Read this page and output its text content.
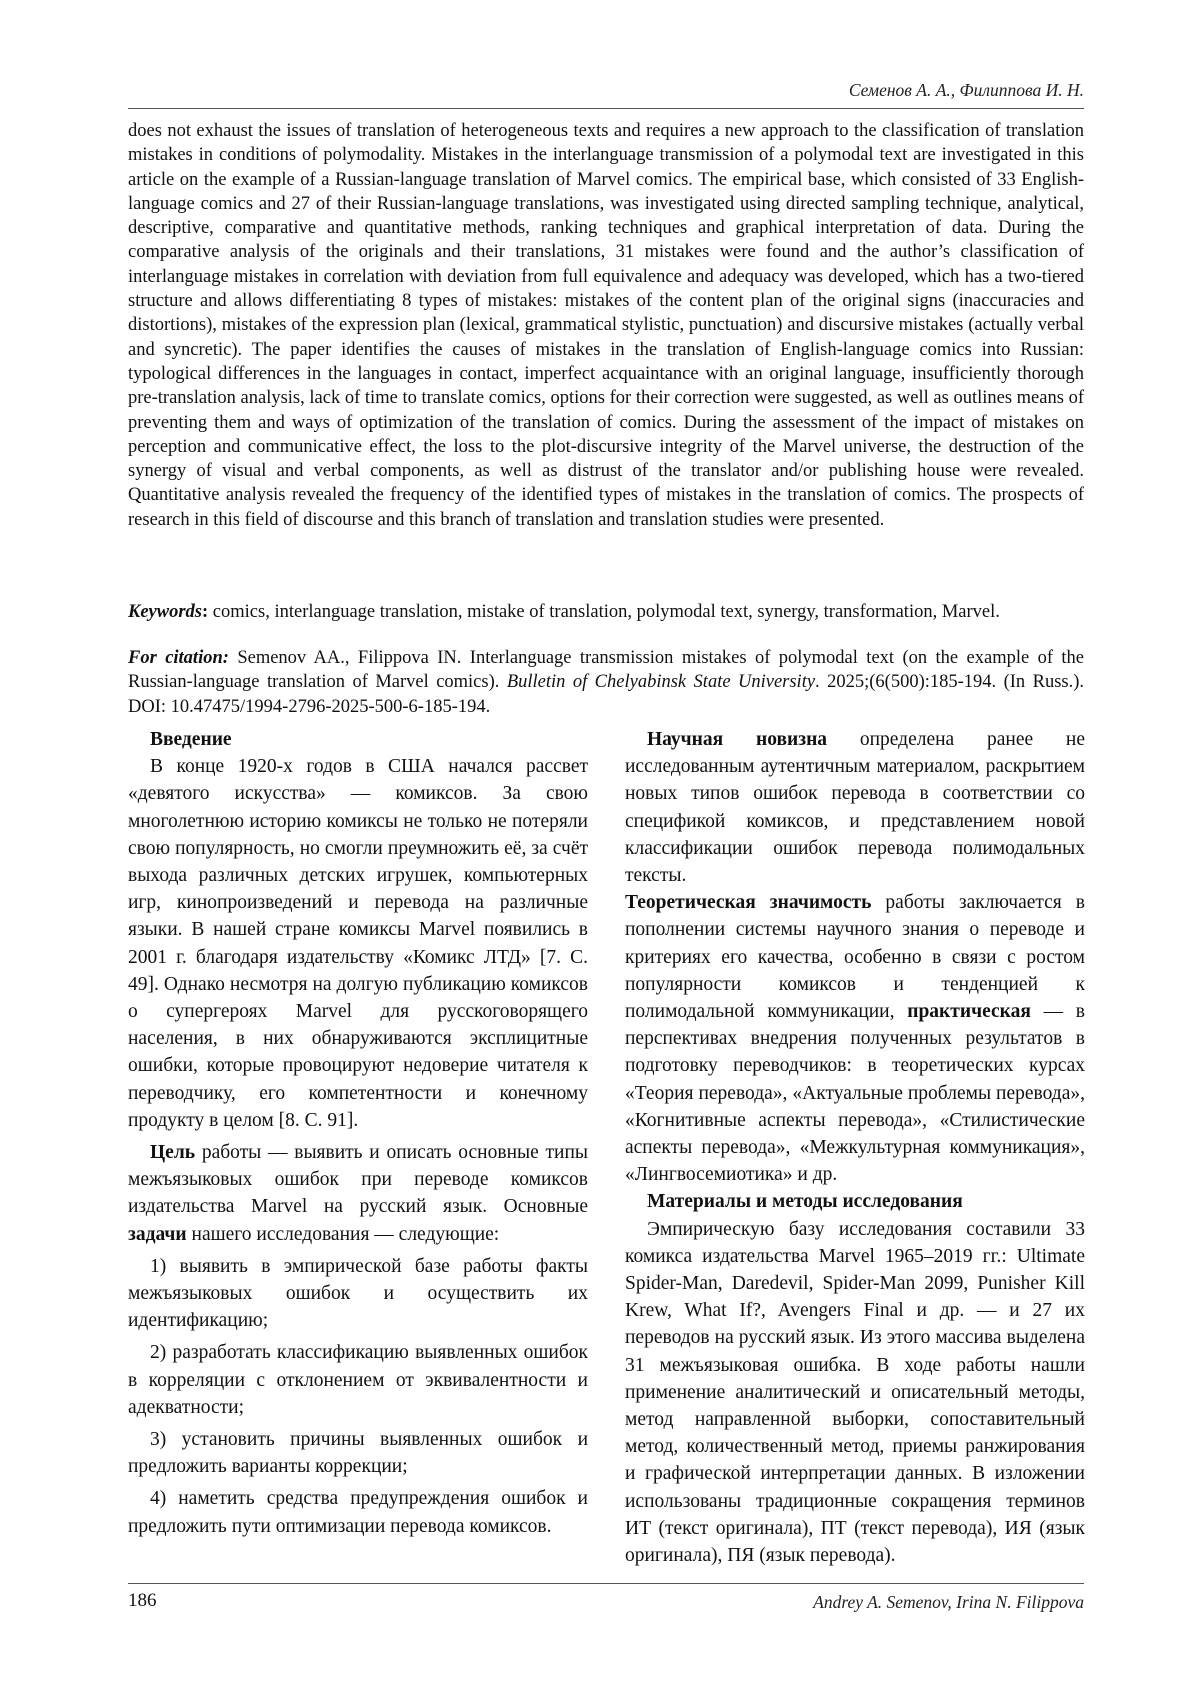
Семенов А. А., Филиппова И. Н.

does not exhaust the issues of translation of heterogeneous texts and requires a new approach to the classification of translation mistakes in conditions of polymodality. Mistakes in the interlanguage transmission of a polymodal text are investigated in this article on the example of a Russian-language translation of Marvel comics. The empirical base, which consisted of 33 English-language comics and 27 of their Russian-language translations, was investigated using directed sampling technique, analytical, descriptive, comparative and quantitative methods, ranking techniques and graphical interpretation of data. During the comparative analysis of the originals and their translations, 31 mistakes were found and the author’s classification of interlanguage mistakes in correlation with deviation from full equivalence and adequacy was developed, which has a two-tiered structure and allows differentiating 8 types of mistakes: mistakes of the content plan of the original signs (inaccuracies and distortions), mistakes of the expression plan (lexical, grammatical stylistic, punctuation) and discursive mistakes (actually verbal and syncretic). The paper identifies the causes of mistakes in the translation of English-language comics into Russian: typological differences in the languages in contact, imperfect acquaintance with an original language, insufficiently thorough pre-translation analysis, lack of time to translate comics, options for their correction were suggested, as well as outlines means of preventing them and ways of optimization of the translation of comics. During the assessment of the impact of mistakes on perception and communicative effect, the loss to the plot-discursive integrity of the Marvel universe, the destruction of the synergy of visual and verbal components, as well as distrust of the translator and/or publishing house were revealed. Quantitative analysis revealed the frequency of the identified types of mistakes in the translation of comics. The prospects of research in this field of discourse and this branch of translation and translation studies were presented.

Keywords: comics, interlanguage translation, mistake of translation, polymodal text, synergy, transformation, Marvel.

For citation: Semenov AA., Filippova IN. Interlanguage transmission mistakes of polymodal text (on the example of the Russian-language translation of Marvel comics). Bulletin of Chelyabinsk State University. 2025;(6(500):185-194. (In Russ.). DOI: 10.47475/1994-2796-2025-500-6-185-194.

Введение

В конце 1920-х годов в США начался рассвет «девятого искусства» — комиксов. За свою многолетнюю историю комиксы не только не потеряли свою популярность, но смогли преумножить её, за счёт выхода различных детских игрушек, компьютерных игр, кинопроизведений и перевода на различные языки. В нашей стране комиксы Marvel появились в 2001 г. благодаря издательству «Комикс ЛТД» [7. С. 49]. Однако несмотря на долгую публикацию комиксов о супергероях Marvel для русскоговорящего населения, в них обнаруживаются эксплицитные ошибки, которые провоцируют недоверие читателя к переводчику, его компетентности и конечному продукту в целом [8. С. 91].

Цель работы — выявить и описать основные типы межъязыковых ошибок при переводе комиксов издательства Marvel на русский язык. Основные задачи нашего исследования — следующие:

1) выявить в эмпирической базе работы факты межъязыковых ошибок и осуществить их идентификацию;

2) разработать классификацию выявленных ошибок в корреляции с отклонением от эквивалентности и адекватности;

3) установить причины выявленных ошибок и предложить варианты коррекции;

4) наметить средства предупреждения ошибок и предложить пути оптимизации перевода комиксов.

Научная новизна определена ранее не исследованным аутентичным материалом, раскрытием новых типов ошибок перевода в соответствии со спецификой комиксов, и представлением новой классификации ошибок перевода полимодальных тексты.

Теоретическая значимость работы заключается в пополнении системы научного знания о переводе и критериях его качества, особенно в связи с ростом популярности комиксов и тенденцией к полимодальной коммуникации, практическая — в перспективах внедрения полученных результатов в подготовку переводчиков: в теоретических курсах «Теория перевода», «Актуальные проблемы перевода», «Когнитивные аспекты перевода», «Стилистические аспекты перевода», «Межкультурная коммуникация», «Лингвосемиотика» и др.

Материалы и методы исследования

Эмпирическую базу исследования составили 33 комикса издательства Marvel 1965–2019 гг.: Ultimate Spider-Man, Daredevil, Spider-Man 2099, Punisher Kill Krew, What If?, Avengers Final и др. — и 27 их переводов на русский язык. Из этого массива выделена 31 межъязыковая ошибка. В ходе работы нашли применение аналитический и описательный методы, метод направленной выборки, сопоставительный метод, количественный метод, приемы ранжирования и графической интерпретации данных. В изложении использованы традиционные сокращения терминов ИТ (текст оригинала), ПТ (текст перевода), ИЯ (язык оригинала), ПЯ (язык перевода).

186	Andrey A. Semenov, Irina N. Filippova
